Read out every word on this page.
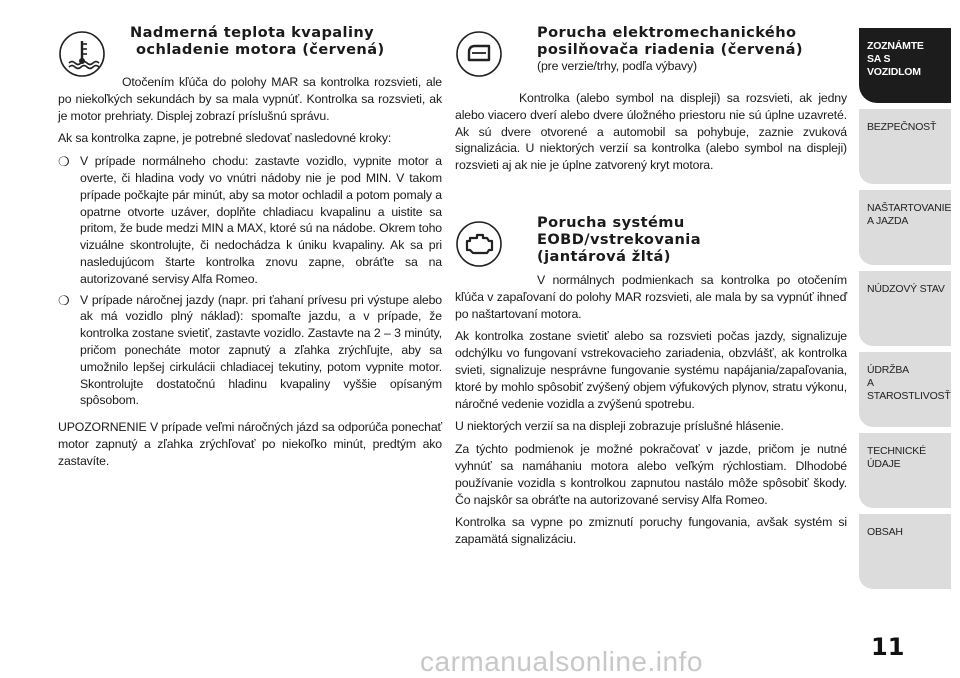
Nadmerná teplota kvapaliny
ochladenie motora (červená)

Otočením kľúča do polohy MAR sa kontrolka rozsvieti, ale po niekoľkých sekundách by sa mala vypnúť. Kontrolka sa rozsvieti, ak je motor prehriaty. Displej zobrazí príslušnú správu.

Ak sa kontrolka zapne, je potrebné sledovať nasledovné kroky:

❍ V prípade normálneho chodu: zastavte vozidlo, vypnite motor a overte, či hladina vody vo vnútri nádoby nie je pod MIN. V takom prípade počkajte pár minút, aby sa motor ochladil a potom pomaly a opatrne otvorte uzáver, doplňte chladiacu kvapalinu a uistite sa pritom, že bude medzi MIN a MAX, ktoré sú na nádobe. Okrem toho vizuálne skontrolujte, či nedochádza k úniku kvapaliny. Ak sa pri nasledujúcom štarte kontrolka znovu zapne, obráťte sa na autorizované servisy Alfa Romeo.
❍ V prípade náročnej jazdy (napr. pri ťahaní prívesu pri výstupe alebo ak má vozidlo plný náklad): spomaľte jazdu, a v prípade, že kontrolka zostane svietiť, zastavte vozidlo. Zastavte na 2 – 3 minúty, pričom ponecháte motor zapnutý a zľahka zrýchľujte, aby sa umožnilo lepšej cirkulácii chladiacej tekutiny, potom vypnite motor. Skontrolujte dostatočnú hladinu kvapaliny vyššie opísaným spôsobom.

UPOZORNENIE V prípade veľmi náročných jázd sa odporúča ponechať motor zapnutý a zľahka zrýchľovať po niekoľko minút, predtým ako zastavíte.

Porucha elektromechanického
posilňovača riadenia (červená)
(pre verzie/trhy, podľa výbavy)

Kontrolka (alebo symbol na displeji) sa rozsvieti, ak jedny alebo viacero dverí alebo dvere úložného priestoru nie sú úplne uzavreté. Ak sú dvere otvorené a automobil sa pohybuje, zaznie zvuková signalizácia. U niektorých verzií sa kontrolka (alebo symbol na displeji) rozsvieti aj ak nie je úplne zatvorený kryt motora.

Porucha systému EOBD/vstrekovania
(jantárová žltá)

V normálnych podmienkach sa kontrolka po otočením kľúča v zapaľovaní do polohy MAR rozsvieti, ale mala by sa vypnúť ihneď po naštartovaní motora.

Ak kontrolka zostane svietiť alebo sa rozsvieti počas jazdy, signalizuje odchýlku vo fungovaní vstrekovacieho zariadenia, obzvlášť, ak kontrolka svieti, signalizuje nesprávne fungovanie systému napájania/zapaľovania, ktoré by mohlo spôsobiť zvýšený objem výfukových plynov, stratu výkonu, náročné vedenie vozidla a zvýšenú spotrebu.

U niektorých verzií sa na displeji zobrazuje príslušné hlásenie.

Za týchto podmienok je možné pokračovať v jazde, pričom je nutné vyhnúť sa namáhaniu motora alebo veľkým rýchlostiam. Dlhodobé používanie vozidla s kontrolkou zapnutou nastálo môže spôsobiť škody. Čo najskôr sa obráťte na autorizované servisy Alfa Romeo.

Kontrolka sa vypne po zmiznutí poruchy fungovania, avšak systém si zapamätá signalizáciu.

ZOZNÁMTE
SA S VOZIDLOM
BEZPEČNOSŤ
NAŠTARTOVANIE
A JAZDA
NÚDZOVÝ STAV
ÚDRŽBA
A STAROSTLIVOSŤ
TECHNICKÉ
ÚDAJE
OBSAH
11
carmanualsonline.info
